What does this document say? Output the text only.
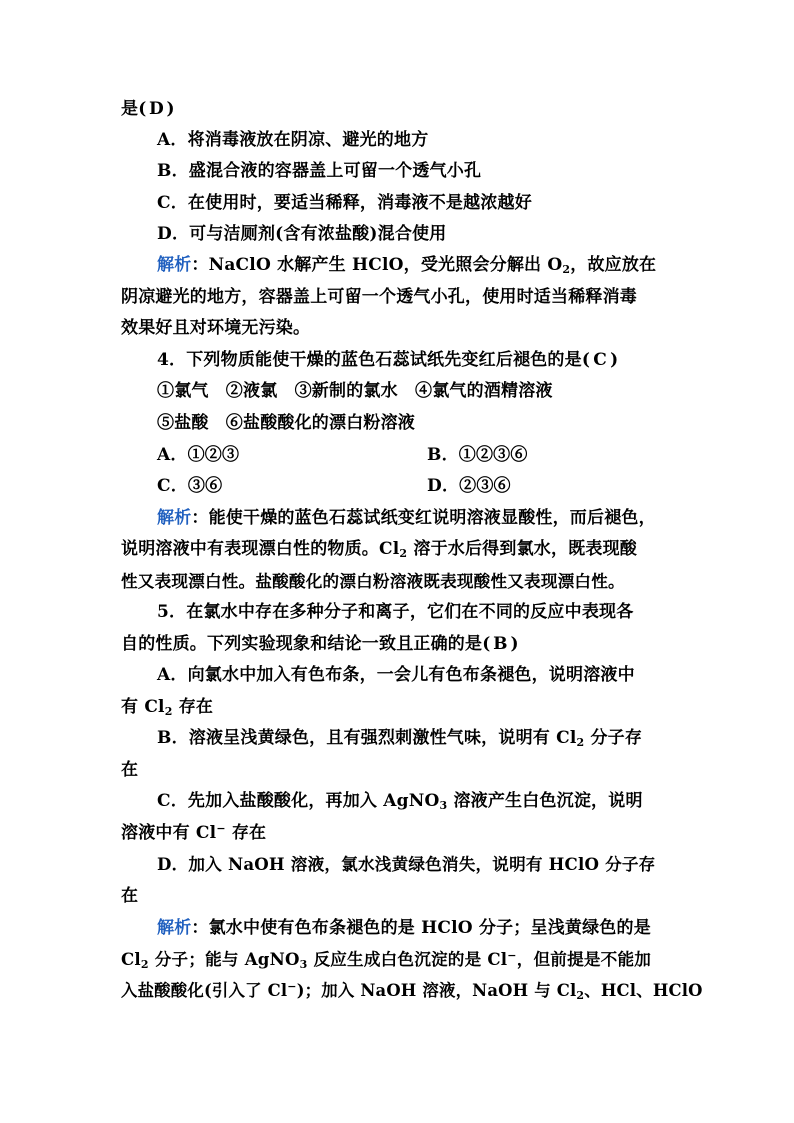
是( D )
A．将消毒液放在阴凉、避光的地方
B．盛混合液的容器盖上可留一个透气小孔
C．在使用时，要适当稀释，消毒液不是越浓越好
D．可与洁厕剂(含有浓盐酸)混合使用
解析：NaClO 水解产生 HClO，受光照会分解出 $O_2$，故应放在
阴凉避光的地方，容器盖上可留一个透气小孔，使用时适当稀释消毒
效果好且对环境无污染。
4．下列物质能使干燥的蓝色石蕊试纸先变红后褪色的是( C )
①氯气　②液氯　③新制的氯水　④氯气的酒精溶液
⑤盐酸　⑥盐酸酸化的漂白粉溶液
A．①②③	B．①②③⑥
C．③⑥	D．②③⑥
解析：能使干燥的蓝色石蕊试纸变红说明溶液显酸性，而后褪色，
说明溶液中有表现漂白性的物质。$Cl_2$ 溶于水后得到氯水，既表现酸
性又表现漂白性。盐酸酸化的漂白粉溶液既表现酸性又表现漂白性。
5．在氯水中存在多种分子和离子，它们在不同的反应中表现各
自的性质。下列实验现象和结论一致且正确的是( B )
A．向氯水中加入有色布条，一会儿有色布条褪色，说明溶液中
有 $Cl_2$ 存在
B．溶液呈浅黄绿色，且有强烈刺激性气味，说明有 $Cl_2$ 分子存
在
C．先加入盐酸酸化，再加入 AgNO$_3$ 溶液产生白色沉淀，说明
溶液中有 Cl− 存在
D．加入 NaOH 溶液，氯水浅黄绿色消失，说明有 HClO 分子存
在
解析：氯水中使有色布条褪色的是 HClO 分子；呈浅黄绿色的是
$Cl_2$ 分子；能与 AgNO$_3$ 反应生成白色沉淀的是 Cl−，但前提是不能加
入盐酸酸化(引入了 Cl−)；加入 NaOH 溶液，NaOH 与 $Cl_2$、HCl、HClO
